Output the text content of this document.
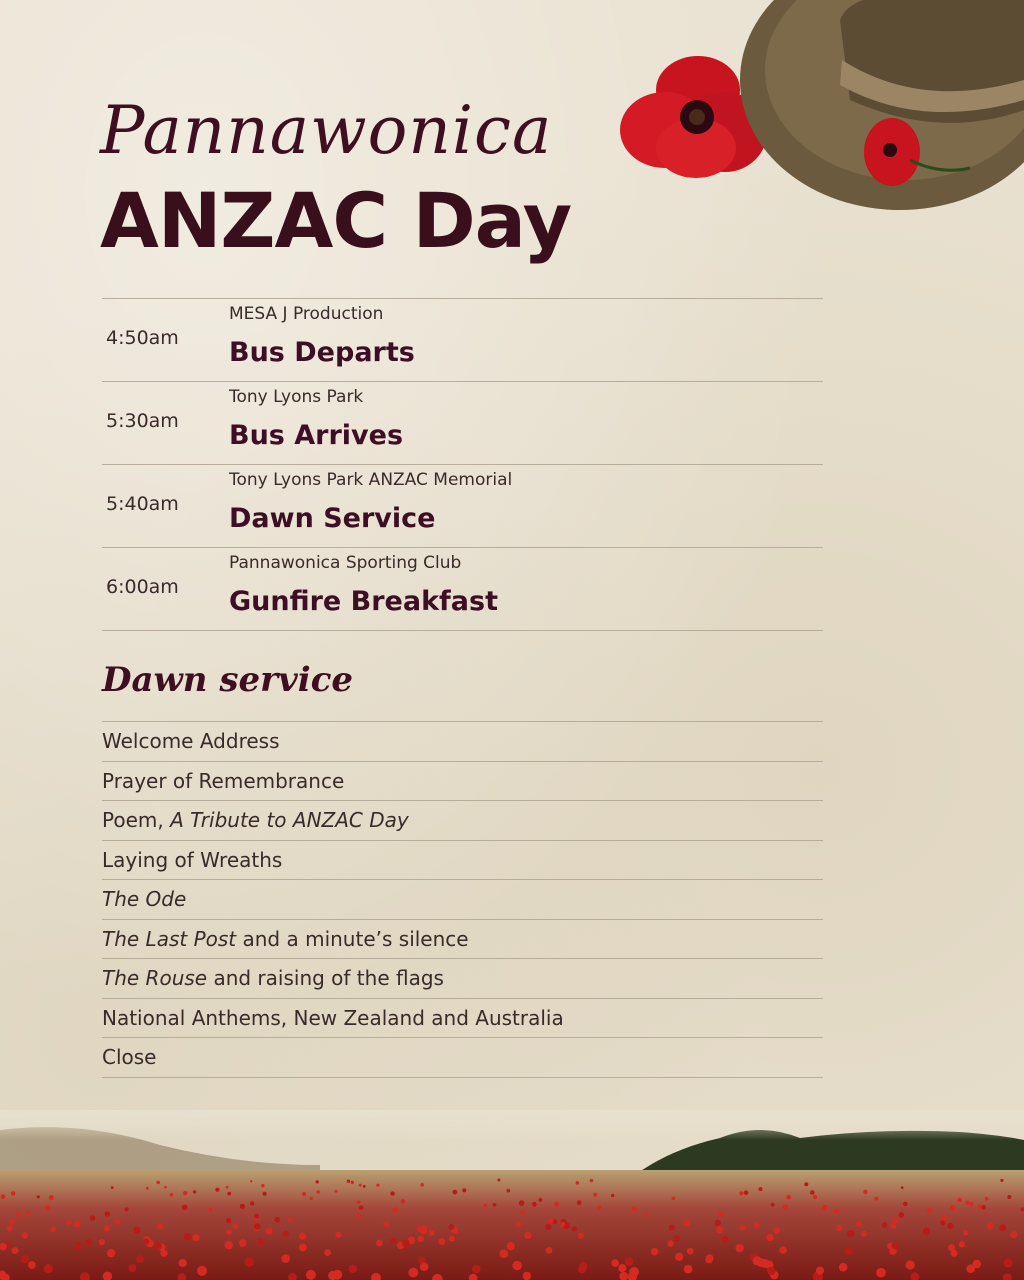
Pannawonica
ANZAC Day
4:50am
MESA J Production
Bus Departs
5:30am
Tony Lyons Park
Bus Arrives
5:40am
Tony Lyons Park ANZAC Memorial
Dawn Service
6:00am
Pannawonica Sporting Club
Gunfire Breakfast
Dawn service
Welcome Address
Prayer of Remembrance
Poem, A Tribute to ANZAC Day
Laying of Wreaths
The Ode
The Last Post and a minute’s silence
The Rouse and raising of the flags
National Anthems, New Zealand and Australia
Close
